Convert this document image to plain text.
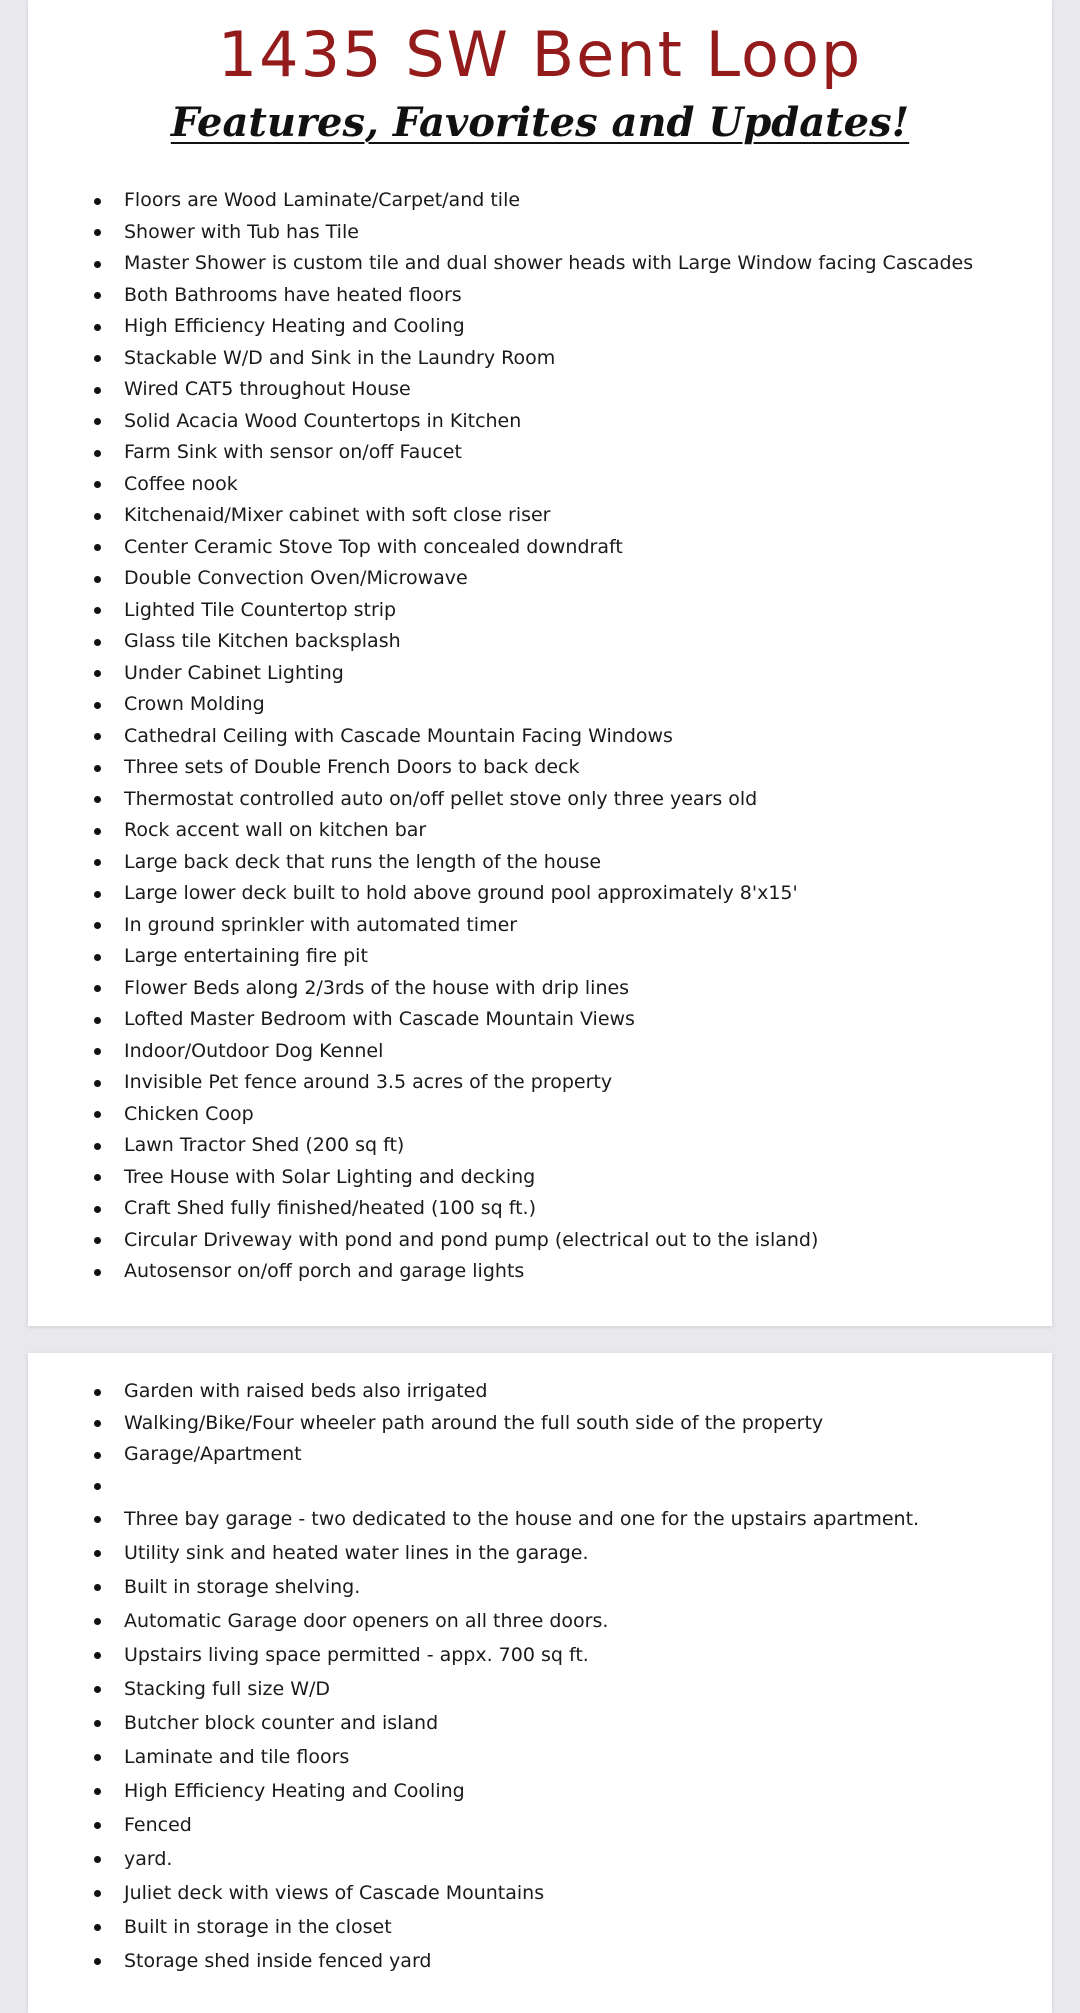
1435 SW Bent Loop
Features, Favorites and Updates!
Floors are Wood Laminate/Carpet/and tile
Shower with Tub has Tile
Master Shower is custom tile and dual shower heads with Large Window facing Cascades
Both Bathrooms have heated floors
High Efficiency Heating and Cooling
Stackable W/D and Sink in the Laundry Room
Wired CAT5 throughout House
Solid Acacia Wood Countertops in Kitchen
Farm Sink with sensor on/off Faucet
Coffee nook
Kitchenaid/Mixer cabinet with soft close riser
Center Ceramic Stove Top with concealed downdraft
Double Convection Oven/Microwave
Lighted Tile Countertop strip
Glass tile Kitchen backsplash
Under Cabinet Lighting
Crown Molding
Cathedral Ceiling with Cascade Mountain Facing Windows
Three sets of Double French Doors to back deck
Thermostat controlled auto on/off pellet stove only three years old
Rock accent wall on kitchen bar
Large back deck that runs the length of the house
Large lower deck built to hold above ground pool approximately 8'x15'
In ground sprinkler with automated timer
Large entertaining fire pit
Flower Beds along 2/3rds of the house with drip lines
Lofted Master Bedroom with Cascade Mountain Views
Indoor/Outdoor Dog Kennel
Invisible Pet fence around 3.5 acres of the property
Chicken Coop
Lawn Tractor Shed (200 sq ft)
Tree House with Solar Lighting and decking
Craft Shed fully finished/heated (100 sq ft.)
Circular Driveway with pond and pond pump (electrical out to the island)
Autosensor on/off porch and garage lights
Garden with raised beds also irrigated
Walking/Bike/Four wheeler path around the full south side of the property
Garage/Apartment
Three bay garage - two dedicated to the house and one for the upstairs apartment.
Utility sink and heated water lines in the garage.
Built in storage shelving.
Automatic Garage door openers on all three doors.
Upstairs living space permitted - appx. 700 sq ft.
Stacking full size W/D
Butcher block counter and island
Laminate and tile floors
High Efficiency Heating and Cooling
Fenced
yard.
Juliet deck with views of Cascade Mountains
Built in storage in the closet
Storage shed inside fenced yard
